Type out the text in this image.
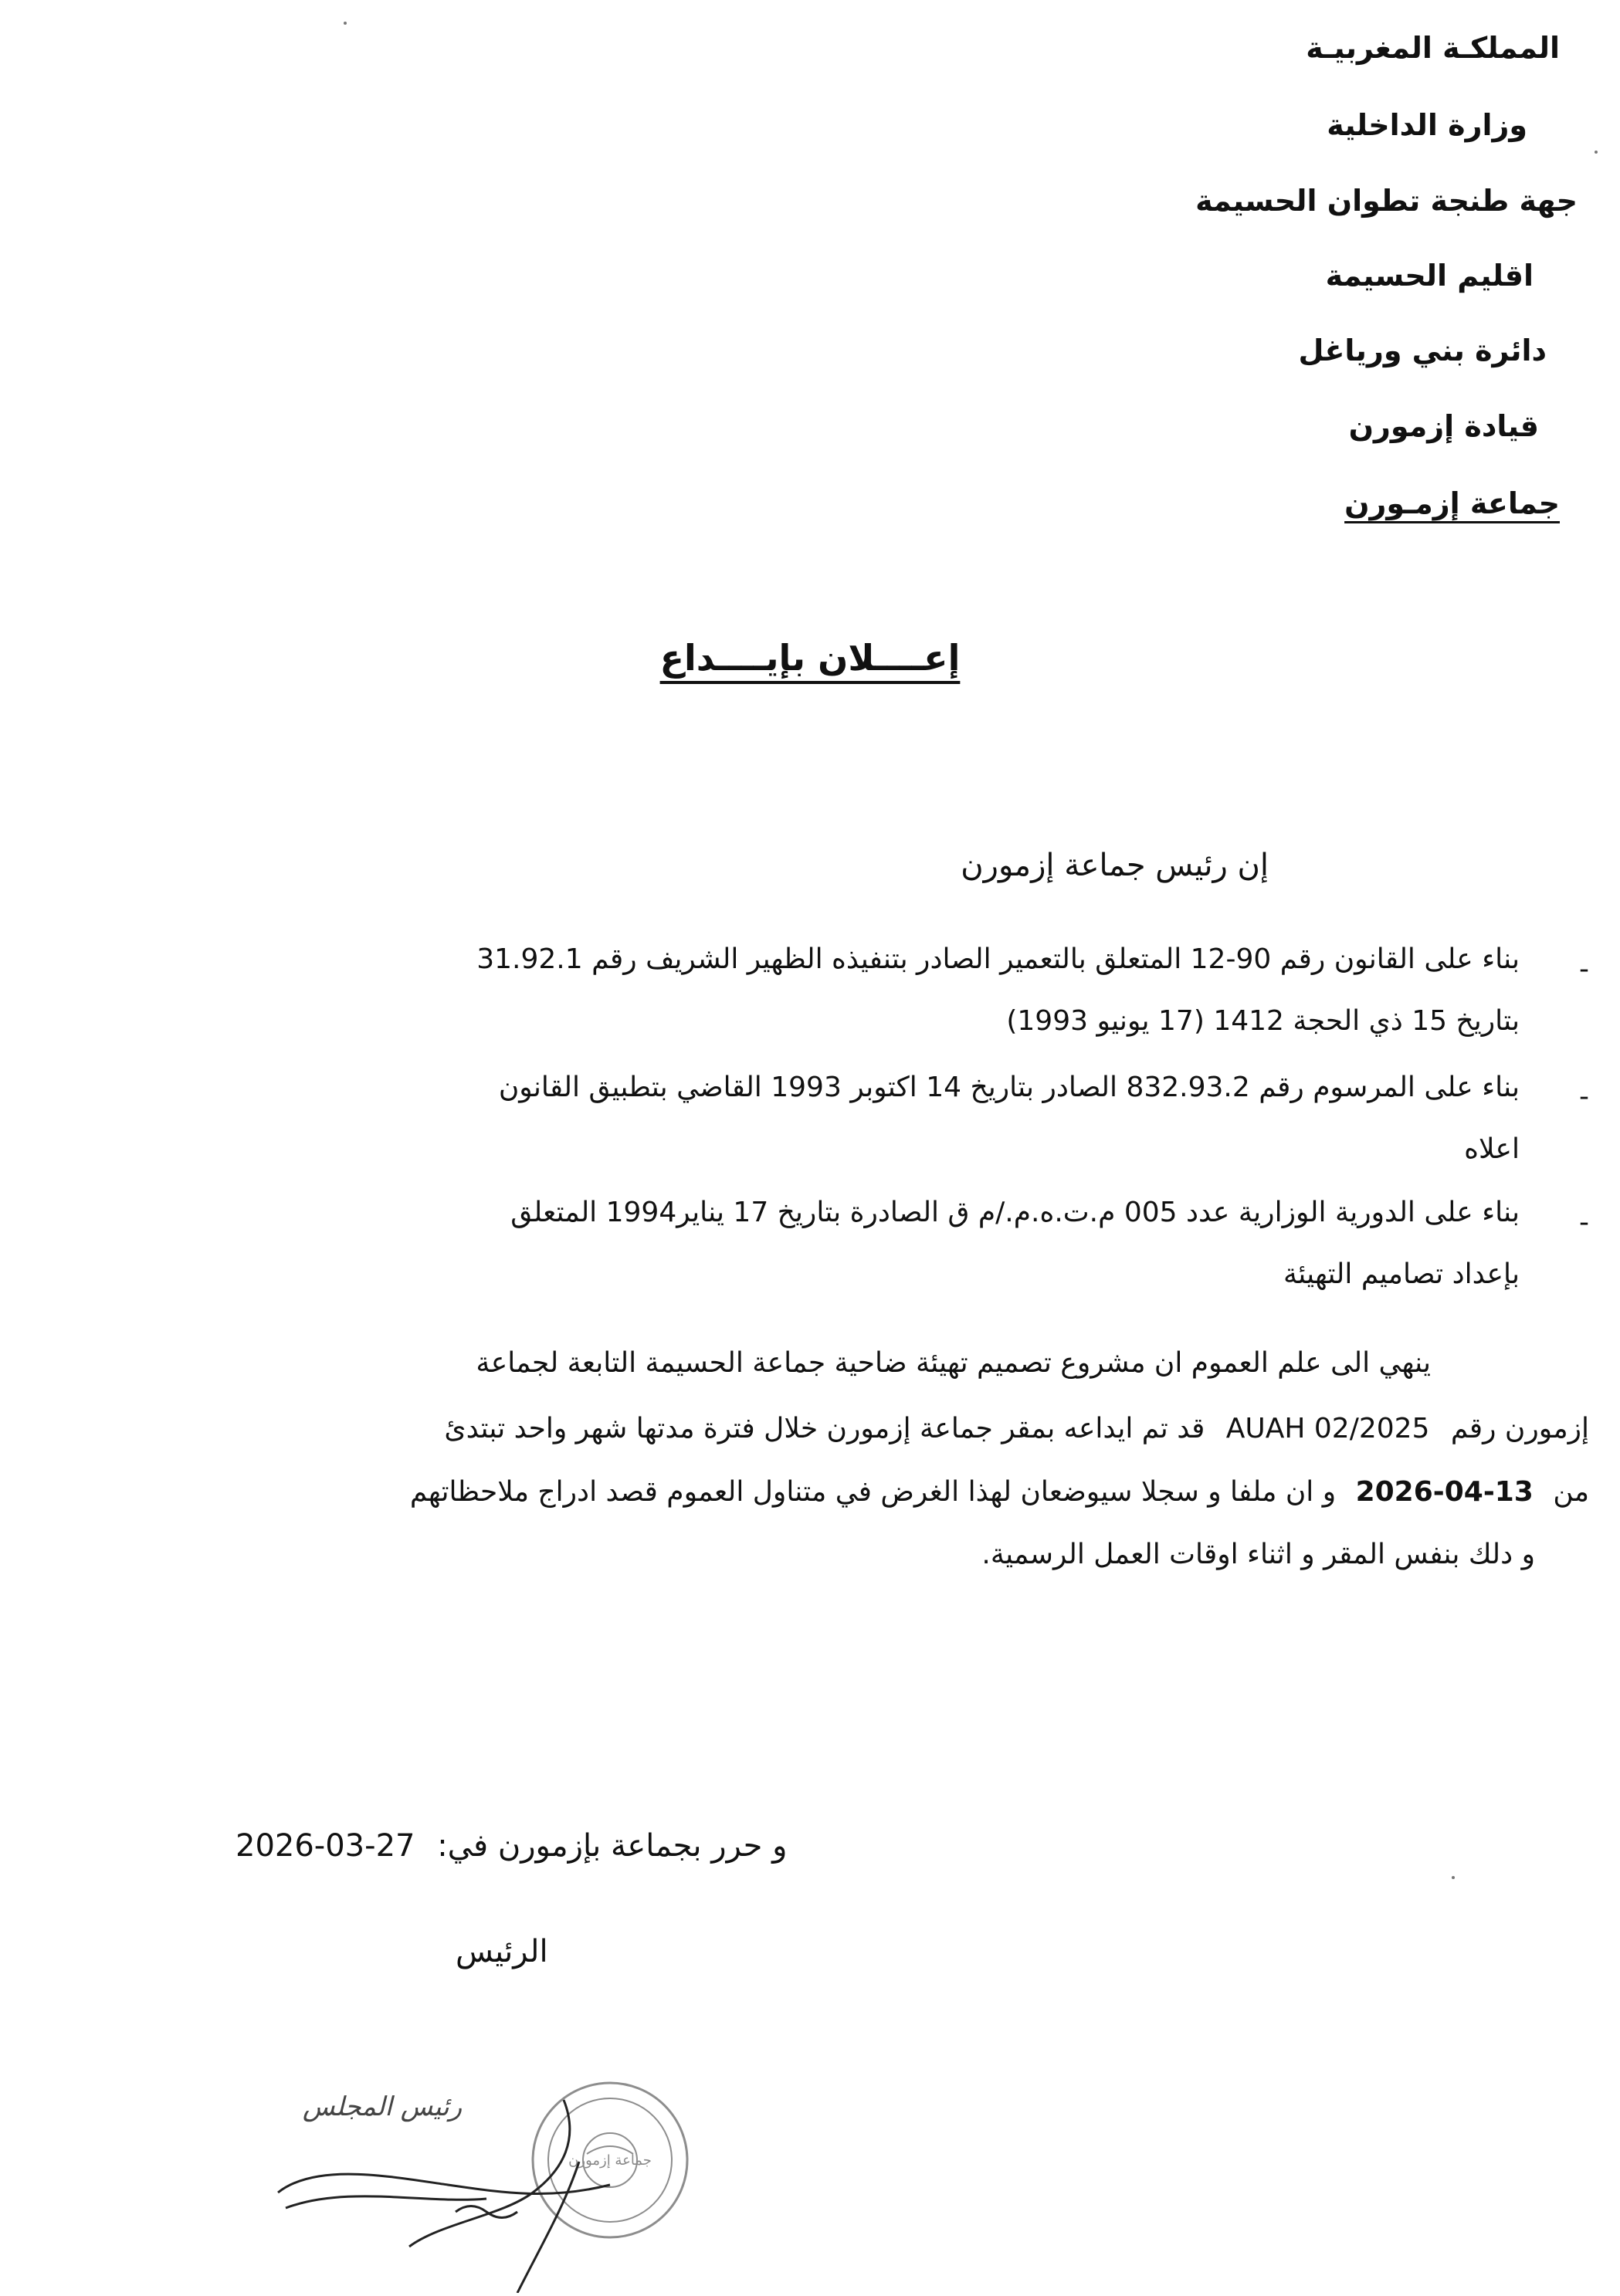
المملكـة المغربيـة
وزارة الداخلية
جهة طنجة تطوان الحسيمة
اقليم الحسيمة
دائرة بني ورياغل
قيادة إزمورن
جماعة إزمـورن
إعــــلان بإيــــداع
إن رئيس جماعة إزمورن
-
بناء على القانون رقم 90-12 المتعلق بالتعمير الصادر بتنفيذه الظهير الشريف رقم 31.92.1
بتاريخ 15 ذي الحجة 1412 (17 يونيو 1993)
-
بناء على المرسوم رقم 832.93.2 الصادر بتاريخ 14 اكتوبر 1993 القاضي بتطبيق القانون
اعلاه
-
بناء على الدورية الوزارية عدد 005 م.ت.ه.م./م ق الصادرة بتاريخ 17 يناير1994 المتعلق
بإعداد تصاميم التهيئة
ينهي الى علم العموم ان مشروع تصميم تهيئة ضاحية جماعة الحسيمة التابعة لجماعة
إزمورن رقم AUAH 02/2025 قد تم ايداعه بمقر جماعة إزمورن خلال فترة مدتها شهر واحد تبتدئ
من 2026-04-13 و ان ملفا و سجلا سيوضعان لهذا الغرض في متناول العموم قصد ادراج ملاحظاتهم
و دلك بنفس المقر و اثناء اوقات العمل الرسمية.
و حرر بجماعة بإزمورن في: 2026-03-27
الرئيس
جماعة إزمورن
رئيس المجلس
